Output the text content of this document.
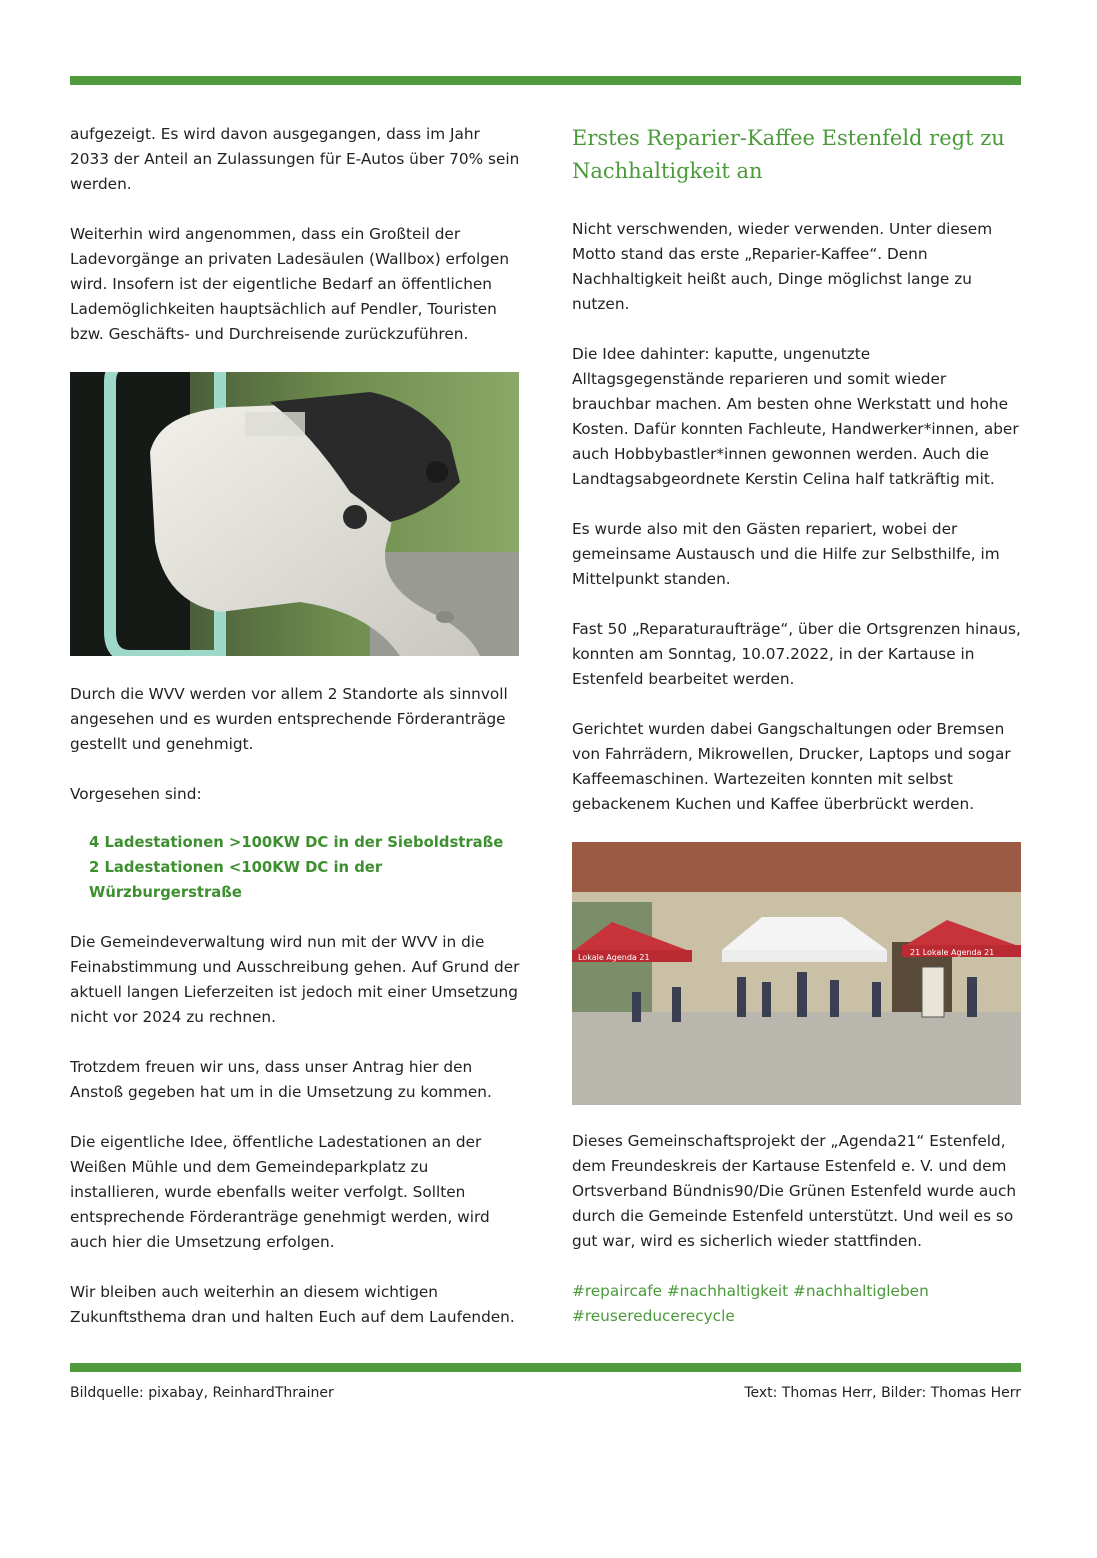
aufgezeigt. Es wird davon ausgegangen, dass im Jahr 2033 der Anteil an Zulassungen für E-Autos über 70% sein werden.

Weiterhin wird angenommen, dass ein Großteil der Ladevorgänge an privaten Ladesäulen (Wallbox) erfolgen wird. Insofern ist der eigentliche Bedarf an öffentlichen Lademöglichkeiten hauptsächlich auf Pendler, Touristen bzw. Geschäfts- und Durchreisende zurückzuführen.

Durch die WVV werden vor allem 2 Standorte als sinnvoll angesehen und es wurden entsprechende Förderanträge gestellt und genehmigt.

Vorgesehen sind:

4 Ladestationen >100KW DC in der Sieboldstraße
2 Ladestationen <100KW DC in der Würzburgerstraße

Die Gemeindeverwaltung wird nun mit der WVV in die Feinabstimmung und Ausschreibung gehen. Auf Grund der aktuell langen Lieferzeiten ist jedoch mit einer Umsetzung nicht vor 2024 zu rechnen.

Trotzdem freuen wir uns, dass unser Antrag hier den Anstoß gegeben hat um in die Umsetzung zu kommen.

Die eigentliche Idee, öffentliche Ladestationen an der Weißen Mühle und dem Gemeindeparkplatz zu installieren, wurde ebenfalls weiter verfolgt. Sollten entsprechende Förderanträge genehmigt werden, wird auch hier die Umsetzung erfolgen.

Wir bleiben auch weiterhin an diesem wichtigen Zukunftsthema dran und halten Euch auf dem Laufenden.

Erstes Reparier-Kaffee Estenfeld regt zu Nachhaltigkeit an

Nicht verschwenden, wieder verwenden. Unter diesem Motto stand das erste „Reparier-Kaffee“. Denn Nachhaltigkeit heißt auch, Dinge möglichst lange zu nutzen.

Die Idee dahinter: kaputte, ungenutzte Alltagsgegenstände reparieren und somit wieder brauchbar machen. Am besten ohne Werkstatt und hohe Kosten. Dafür konnten Fachleute, Handwerker*innen, aber auch Hobbybastler*innen gewonnen werden. Auch die Landtagsabgeordnete Kerstin Celina half tatkräftig mit.

Es wurde also mit den Gästen repariert, wobei der gemeinsame Austausch und die Hilfe zur Selbsthilfe, im Mittelpunkt standen.

Fast 50 „Reparaturaufträge“, über die Ortsgrenzen hinaus, konnten am Sonntag, 10.07.2022, in der Kartause in Estenfeld bearbeitet werden.

Gerichtet wurden dabei Gangschaltungen oder Bremsen von Fahrrädern, Mikrowellen, Drucker, Laptops und sogar Kaffeemaschinen. Wartezeiten konnten mit selbst gebackenem Kuchen und Kaffee überbrückt werden.

Lokale Agenda 21
21 Lokale Agenda 21

Dieses Gemeinschaftsprojekt der „Agenda21“ Estenfeld, dem Freundeskreis der Kartause Estenfeld e. V. und dem Ortsverband Bündnis90/Die Grünen Estenfeld wurde auch durch die Gemeinde Estenfeld unterstützt. Und weil es so gut war, wird es sicherlich wieder stattfinden.

#repaircafe #nachhaltigkeit #nachhaltigleben #reusereducerecycle

Bildquelle: pixabay, ReinhardThrainer	Text: Thomas Herr, Bilder: Thomas Herr
